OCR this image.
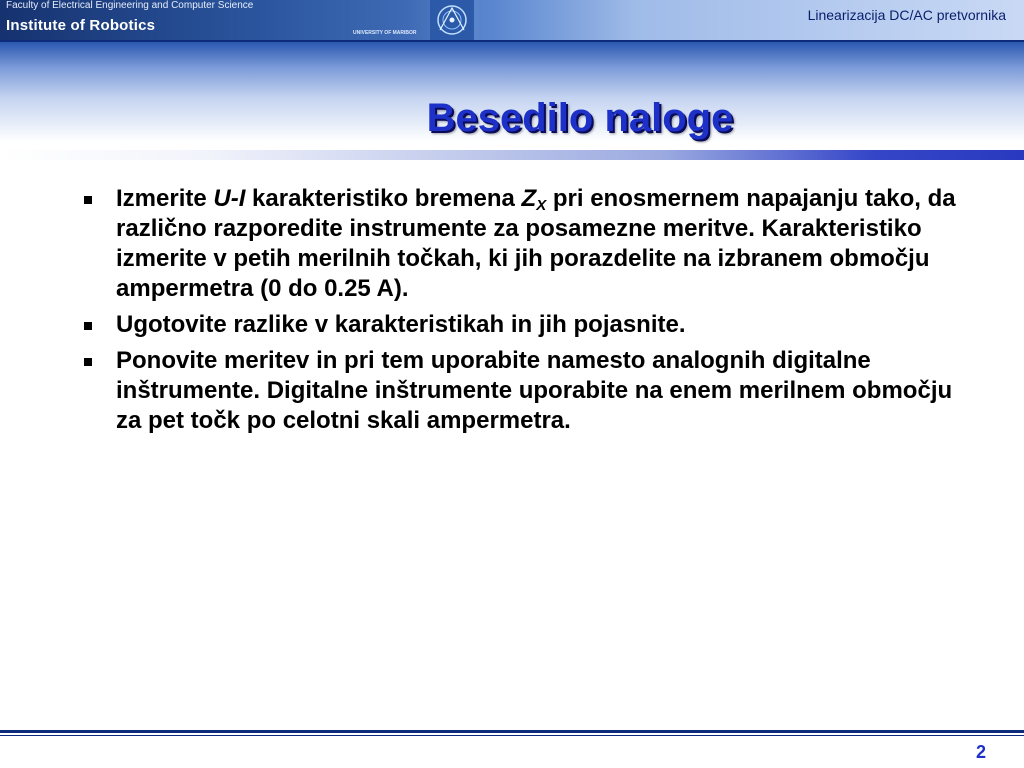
Faculty of Electrical Engineering and Computer Science
Institute of Robotics	UNIVERSITY OF MARIBOR
Linearizacija DC/AC pretvornika
Besedilo naloge
Izmerite U-I karakteristiko bremena $Z_X$ pri enosmernem napajanju tako, da različno razporedite instrumente za posamezne meritve. Karakteristiko izmerite v petih merilnih točkah, ki jih porazdelite na izbranem območju ampermetra (0 do 0.25 A).
Ugotovite razlike v karakteristikah in jih pojasnite.
Ponovite meritev in pri tem uporabite namesto analognih digitalne inštrumente. Digitalne inštrumente uporabite na enem merilnem območju za pet točk po celotni skali ampermetra.
2
